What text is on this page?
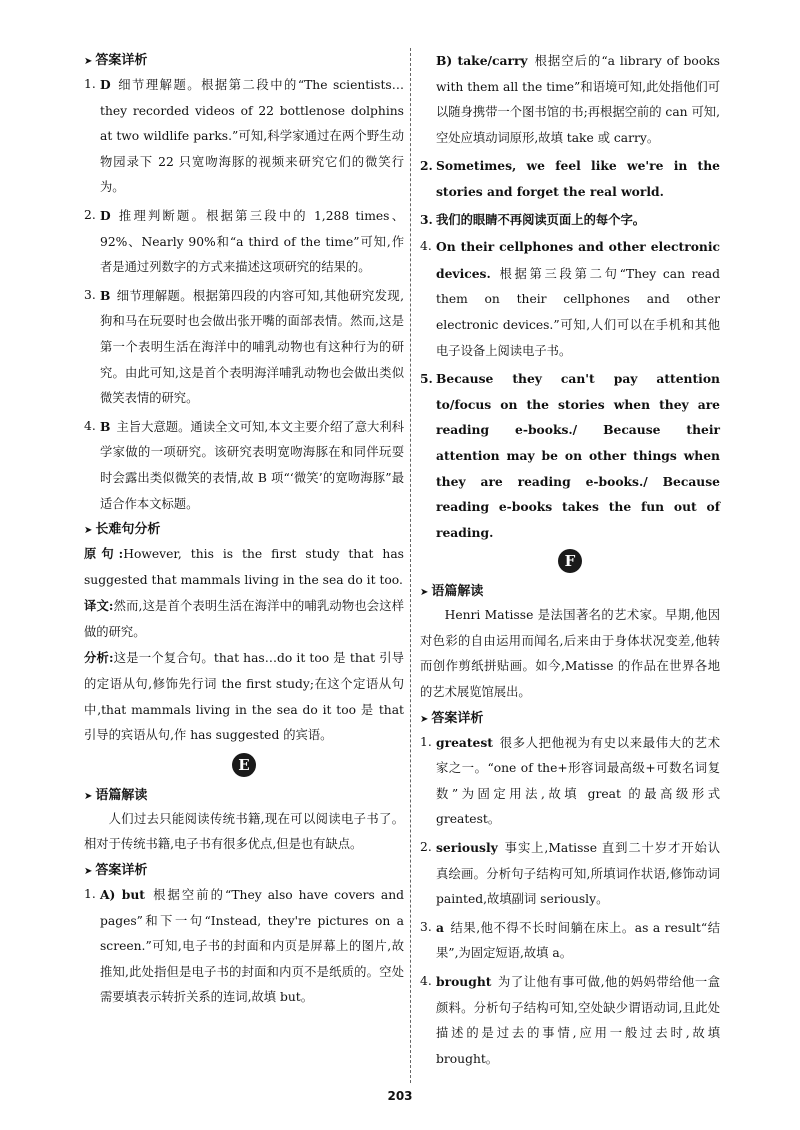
➤ 答案详析
1. D 细节理解题。根据第二段中的“The scientists…they recorded videos of 22 bottlenose dolphins at two wildlife parks.”可知,科学家通过在两个野生动物园录下 22 只宽吻海豚的视频来研究它们的微笑行为。
2. D 推理判断题。根据第三段中的 1,288 times、92%、Nearly 90%和“a third of the time”可知,作者是通过列数字的方式来描述这项研究的结果的。
3. B 细节理解题。根据第四段的内容可知,其他研究发现,狗和马在玩耍时也会做出张开嘴的面部表情。然而,这是第一个表明生活在海洋中的哺乳动物也有这种行为的研究。由此可知,这是首个表明海洋哺乳动物也会做出类似微笑表情的研究。
4. B 主旨大意题。通读全文可知,本文主要介绍了意大利科学家做的一项研究。该研究表明宽吻海豚在和同伴玩耍时会露出类似微笑的表情,故 B 项“‘微笑’的宽吻海豚”最适合作本文标题。
➤ 长难句分析
原句:However, this is the first study that has suggested that mammals living in the sea do it too.
译文:然而,这是首个表明生活在海洋中的哺乳动物也会这样做的研究。
分析:这是一个复合句。that has…do it too 是 that 引导的定语从句,修饰先行词 the first study;在这个定语从句中,that mammals living in the sea do it too 是 that 引导的宾语从句,作 has suggested 的宾语。
E
➤ 语篇解读
人们过去只能阅读传统书籍,现在可以阅读电子书了。相对于传统书籍,电子书有很多优点,但是也有缺点。
➤ 答案详析
1. A) but 根据空前的“They also have covers and pages”和下一句“Instead, they're pictures on a screen.”可知,电子书的封面和内页是屏幕上的图片,故推知,此处指但是电子书的封面和内页不是纸质的。空处需要填表示转折关系的连词,故填 but。
B) take/carry 根据空后的“a library of books with them all the time”和语境可知,此处指他们可以随身携带一个图书馆的书;再根据空前的 can 可知,空处应填动词原形,故填 take 或 carry。
2. Sometimes, we feel like we're in the stories and forget the real world.
3. 我们的眼睛不再阅读页面上的每个字。
4. On their cellphones and other electronic devices. 根据第三段第二句“They can read them on their cellphones and other electronic devices.”可知,人们可以在手机和其他电子设备上阅读电子书。
5. Because they can't pay attention to/focus on the stories when they are reading e-books./ Because their attention may be on other things when they are reading e-books./ Because reading e-books takes the fun out of reading.
F
➤ 语篇解读
Henri Matisse 是法国著名的艺术家。早期,他因对色彩的自由运用而闻名,后来由于身体状况变差,他转而创作剪纸拼贴画。如今,Matisse 的作品在世界各地的艺术展览馆展出。
➤ 答案详析
1. greatest 很多人把他视为有史以来最伟大的艺术家之一。“one of the+形容词最高级+可数名词复数”为固定用法,故填 great 的最高级形式 greatest。
2. seriously 事实上,Matisse 直到二十岁才开始认真绘画。分析句子结构可知,所填词作状语,修饰动词 painted,故填副词 seriously。
3. a 结果,他不得不长时间躺在床上。as a result“结果”,为固定短语,故填 a。
4. brought 为了让他有事可做,他的妈妈带给他一盒颜料。分析句子结构可知,空处缺少谓语动词,且此处描述的是过去的事情,应用一般过去时,故填 brought。
203
